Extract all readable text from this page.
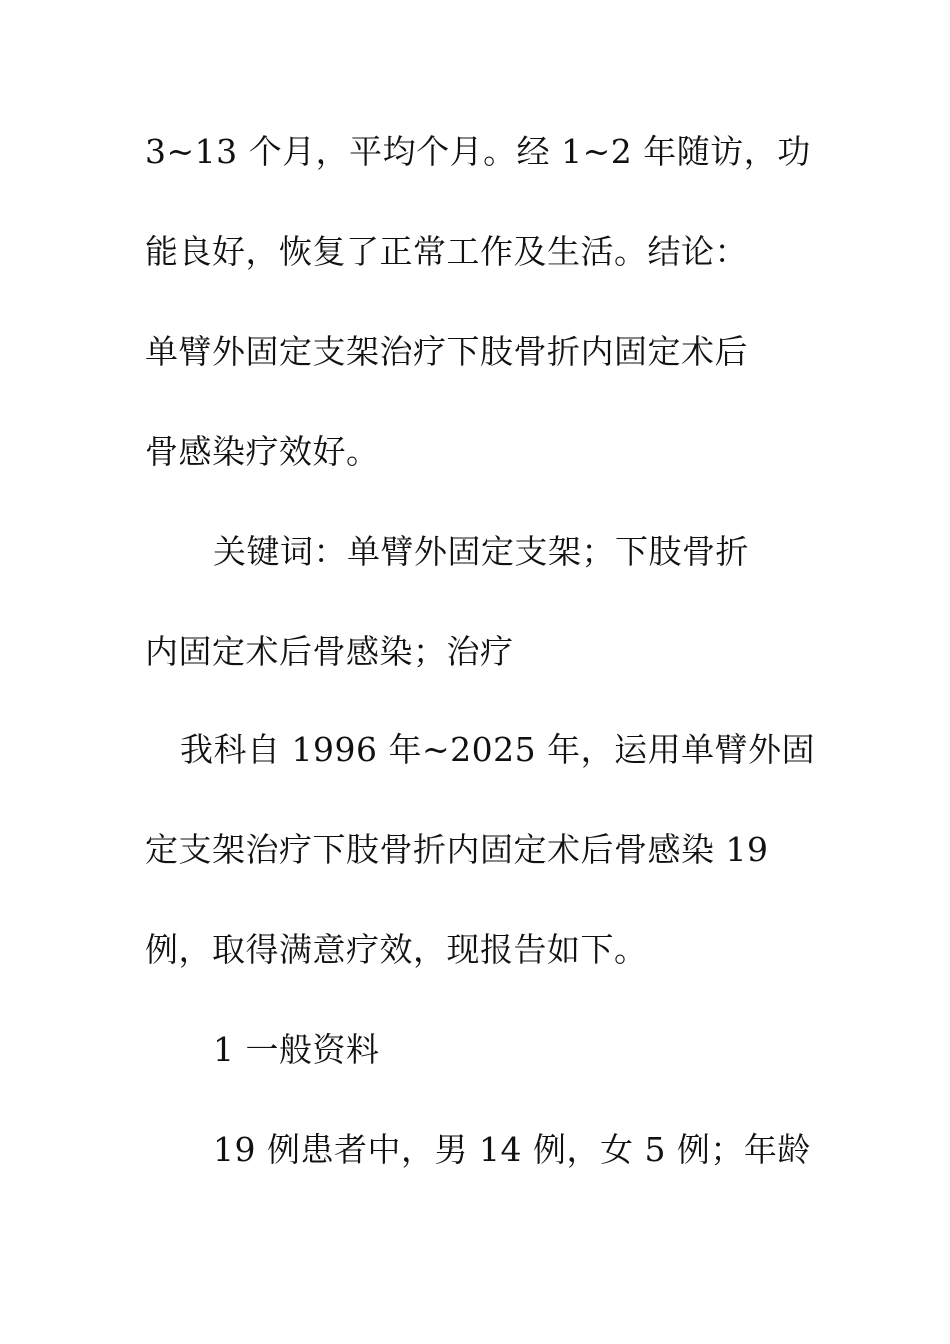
3~13 个月，平均个月。经 1~2 年随访，功
能良好，恢复了正常工作及生活。结论：
单臂外固定支架治疗下肢骨折内固定术后
骨感染疗效好。
关键词：单臂外固定支架；下肢骨折
内固定术后骨感染；治疗
我科自 1996 年~2025 年，运用单臂外固
定支架治疗下肢骨折内固定术后骨感染 19
例，取得满意疗效，现报告如下。
1 一般资料
19 例患者中，男 14 例，女 5 例；年龄
